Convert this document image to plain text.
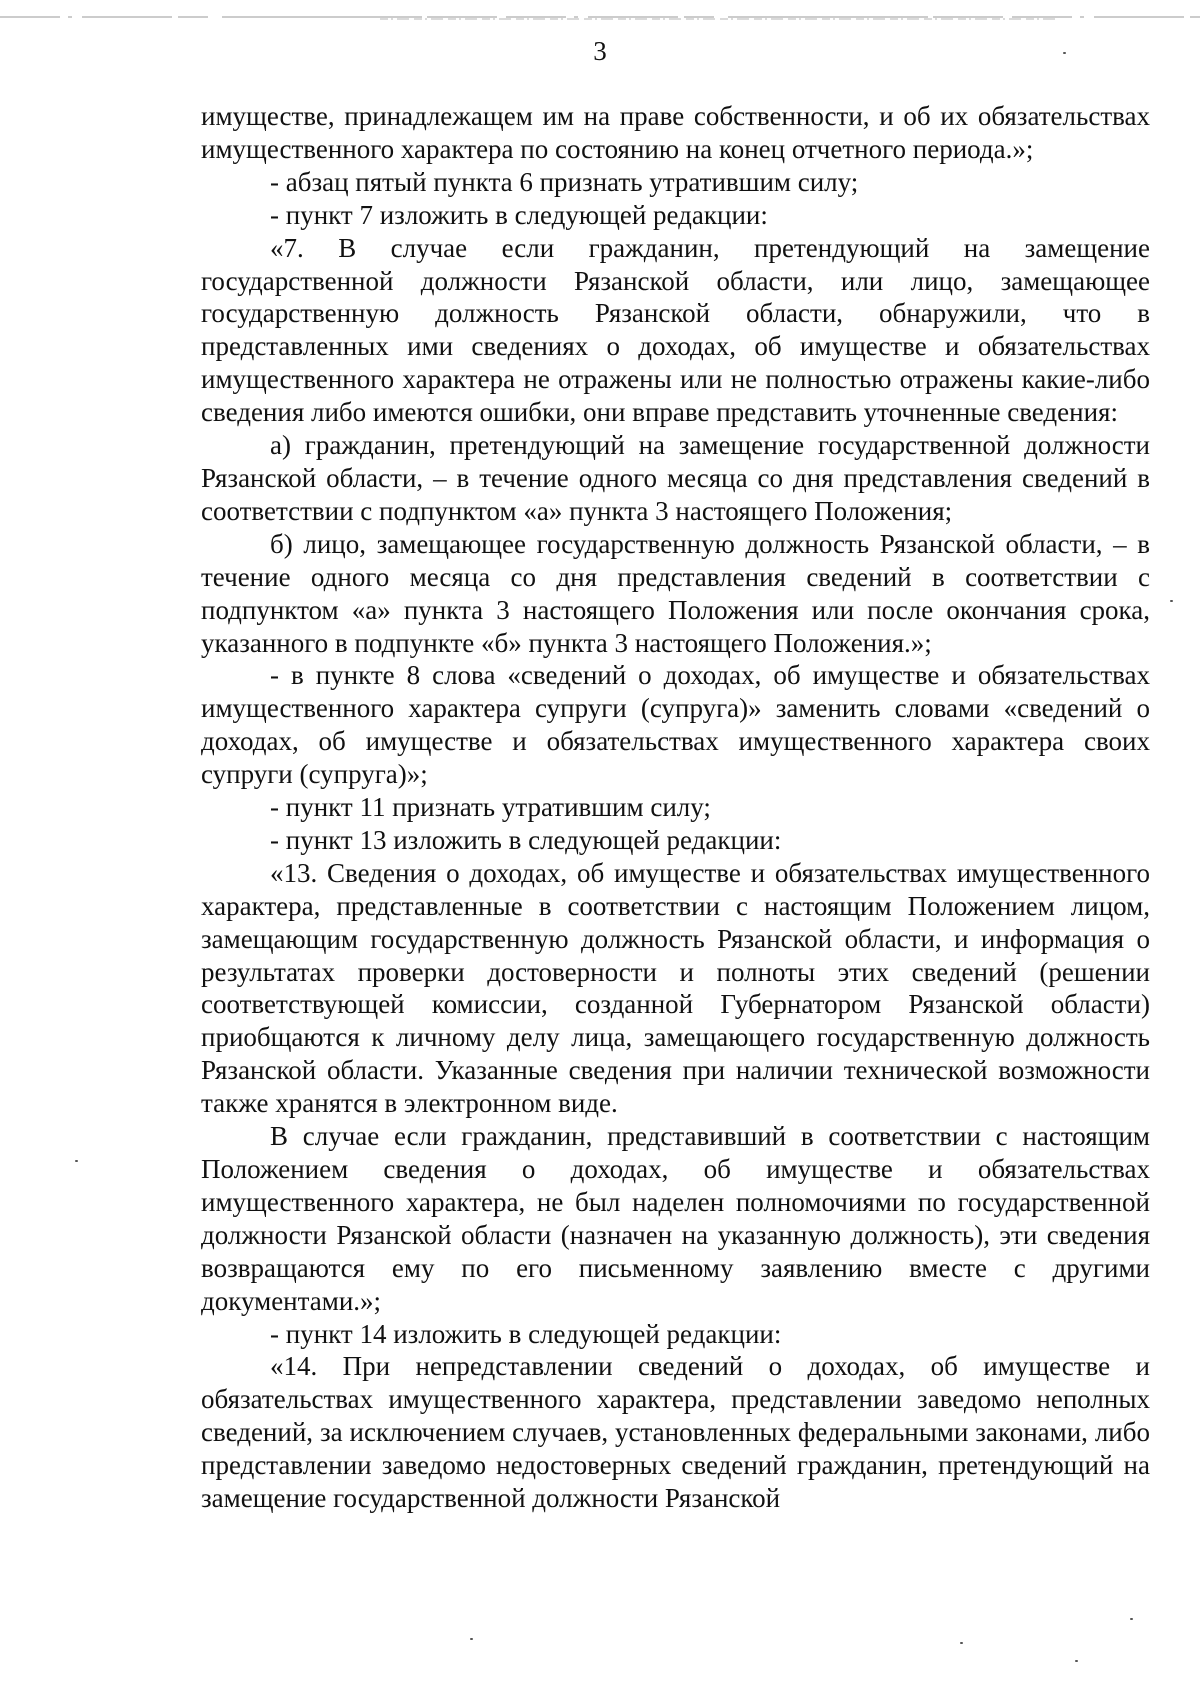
3

имуществе, принадлежащем им на праве собственности, и об их обязательствах имущественного характера по состоянию на конец отчетного периода.»;

- абзац пятый пункта 6 признать утратившим силу;

- пункт 7 изложить в следующей редакции:

«7. В случае если гражданин, претендующий на замещение государственной должности Рязанской области, или лицо, замещающее государственную должность Рязанской области, обнаружили, что в представленных ими сведениях о доходах, об имуществе и обязательствах имущественного характера не отражены или не полностью отражены какие-либо сведения либо имеются ошибки, они вправе представить уточненные сведения:

а) гражданин, претендующий на замещение государственной должности Рязанской области, – в течение одного месяца со дня представления сведений в соответствии с подпунктом «а» пункта 3 настоящего Положения;

б) лицо, замещающее государственную должность Рязанской области, – в течение одного месяца со дня представления сведений в соответствии с подпунктом «а» пункта 3 настоящего Положения или после окончания срока, указанного в подпункте «б» пункта 3 настоящего Положения.»;

- в пункте 8 слова «сведений о доходах, об имуществе и обязательствах имущественного характера супруги (супруга)» заменить словами «сведений о доходах, об имуществе и обязательствах имущественного характера своих супруги (супруга)»;

- пункт 11 признать утратившим силу;

- пункт 13 изложить в следующей редакции:

«13. Сведения о доходах, об имуществе и обязательствах имущественного характера, представленные в соответствии с настоящим Положением лицом, замещающим государственную должность Рязанской области, и информация о результатах проверки достоверности и полноты этих сведений (решении соответствующей комиссии, созданной Губернатором Рязанской области) приобщаются к личному делу лица, замещающего государственную должность Рязанской области. Указанные сведения при наличии технической возможности также хранятся в электронном виде.

В случае если гражданин, представивший в соответствии с настоящим Положением сведения о доходах, об имуществе и обязательствах имущественного характера, не был наделен полномочиями по государственной должности Рязанской области (назначен на указанную должность), эти сведения возвращаются ему по его письменному заявлению вместе с другими документами.»;

- пункт 14 изложить в следующей редакции:

«14. При непредставлении сведений о доходах, об имуществе и обязательствах имущественного характера, представлении заведомо неполных сведений, за исключением случаев, установленных федеральными законами, либо представлении заведомо недостоверных сведений гражданин, претендующий на замещение государственной должности Рязанской
